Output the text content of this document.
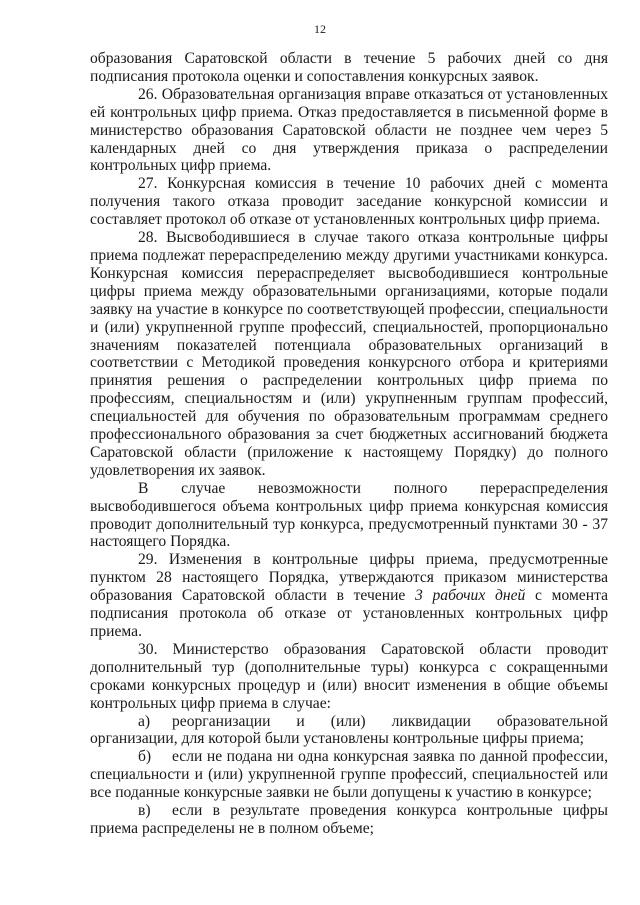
12

образования Саратовской области в течение 5 рабочих дней со дня подписания протокола оценки и сопоставления конкурсных заявок.

26. Образовательная организация вправе отказаться от установленных ей контрольных цифр приема. Отказ предоставляется в письменной форме в министерство образования Саратовской области не позднее чем через 5 календарных дней со дня утверждения приказа о распределении контрольных цифр приема.

27. Конкурсная комиссия в течение 10 рабочих дней с момента получения такого отказа проводит заседание конкурсной комиссии и составляет протокол об отказе от установленных контрольных цифр приема.

28. Высвободившиеся в случае такого отказа контрольные цифры приема подлежат перераспределению между другими участниками конкурса. Конкурсная комиссия перераспределяет высвободившиеся контрольные цифры приема между образовательными организациями, которые подали заявку на участие в конкурсе по соответствующей профессии, специальности и (или) укрупненной группе профессий, специальностей, пропорционально значениям показателей потенциала образовательных организаций в соответствии с Методикой проведения конкурсного отбора и критериями принятия решения о распределении контрольных цифр приема по профессиям, специальностям и (или) укрупненным группам профессий, специальностей для обучения по образовательным программам среднего профессионального образования за счет бюджетных ассигнований бюджета Саратовской области (приложение к настоящему Порядку) до полного удовлетворения их заявок.

В случае невозможности полного перераспределения высвободившегося объема контрольных цифр приема конкурсная комиссия проводит дополнительный тур конкурса, предусмотренный пунктами 30 - 37 настоящего Порядка.

29. Изменения в контрольные цифры приема, предусмотренные пунктом 28 настоящего Порядка, утверждаются приказом министерства образования Саратовской области в течение 3 рабочих дней с момента подписания протокола об отказе от установленных контрольных цифр приема.

30. Министерство образования Саратовской области проводит дополнительный тур (дополнительные туры) конкурса с сокращенными сроками конкурсных процедур и (или) вносит изменения в общие объемы контрольных цифр приема в случае:

а) реорганизации и (или) ликвидации образовательной организации, для которой были установлены контрольные цифры приема;

б) если не подана ни одна конкурсная заявка по данной профессии, специальности и (или) укрупненной группе профессий, специальностей или все поданные конкурсные заявки не были допущены к участию в конкурсе;

в) если в результате проведения конкурса контрольные цифры приема распределены не в полном объеме;
